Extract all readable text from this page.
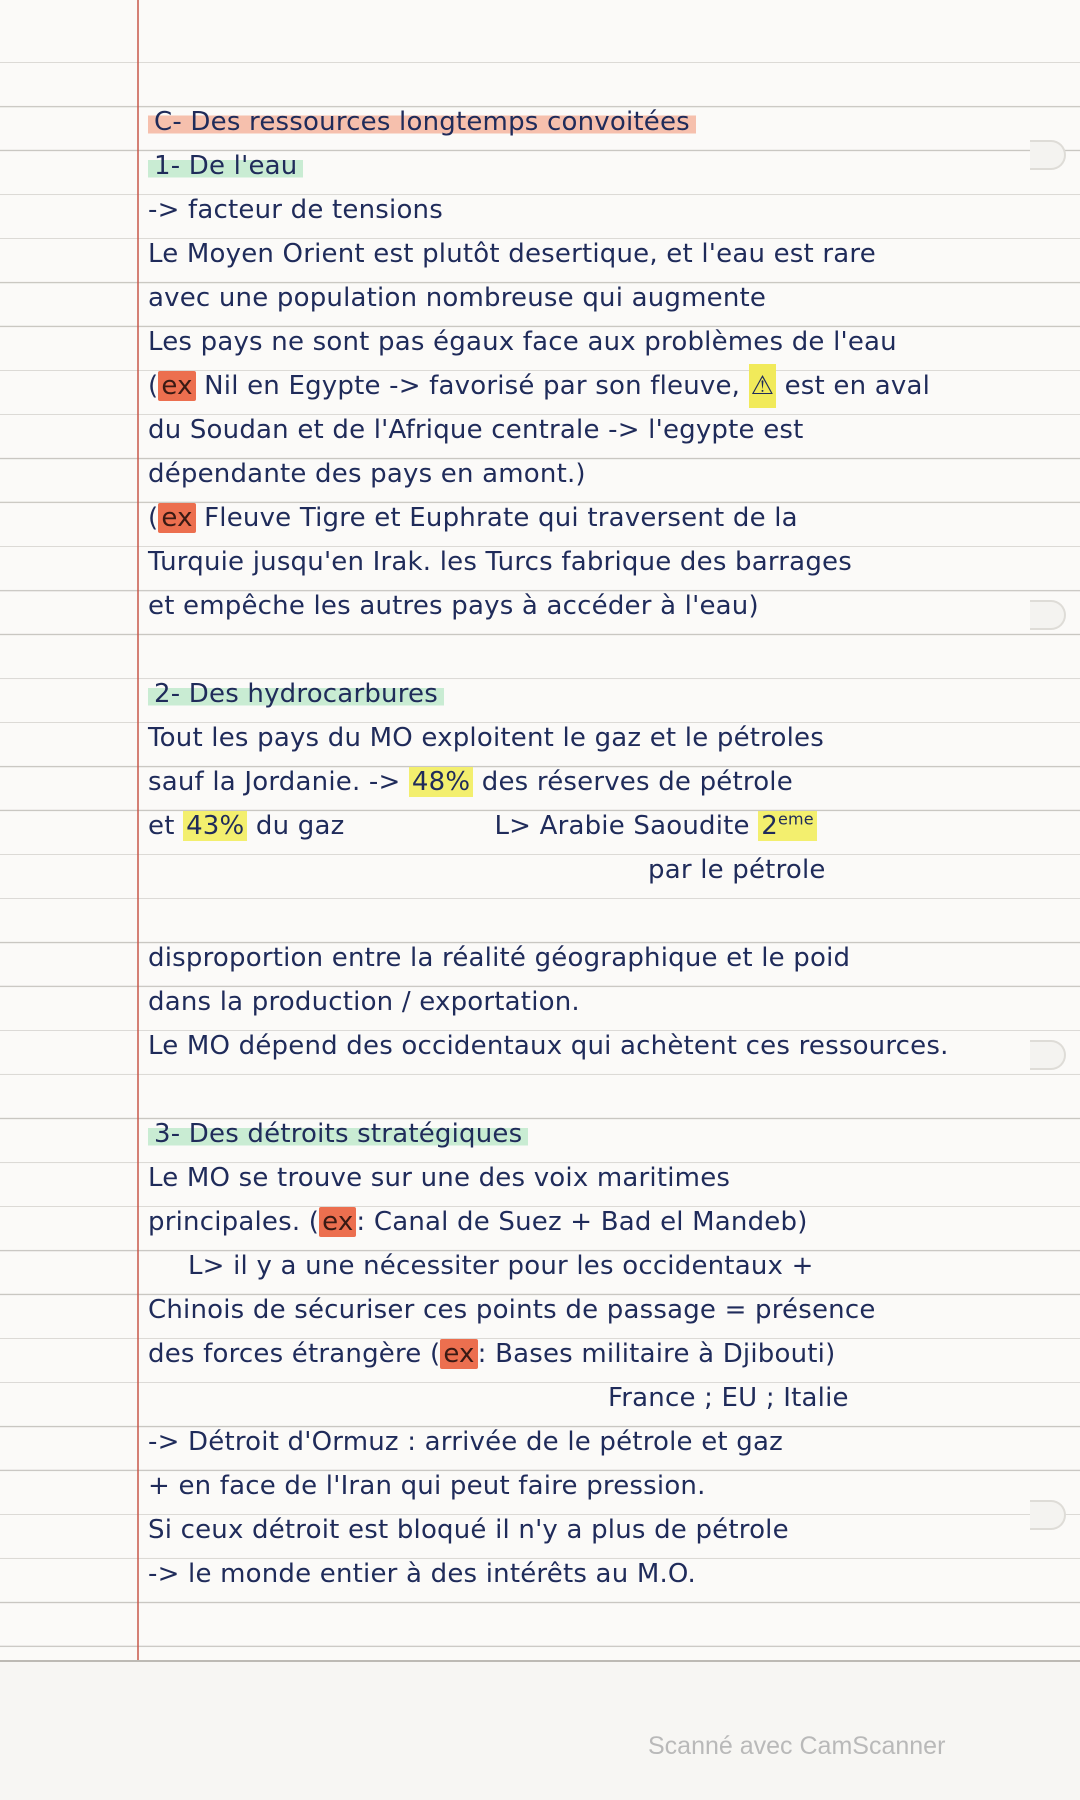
C- Des ressources longtemps convoitées
1- De l'eau
-> facteur de tensions
Le Moyen Orient est plutôt desertique, et l'eau est rare
avec une population nombreuse qui augmente
Les pays ne sont pas égaux face aux problèmes de l'eau
( ex Nil en Egypte -> favorisé par son fleuve, ⚠ est en aval
du Soudan et de l'Afrique centrale -> l'egypte est
dépendante des pays en amont.)
( ex Fleuve Tigre et Euphrate qui traversent de la
Turquie jusqu'en Irak. les Turcs fabrique des barrages
et empêche les autres pays à accéder à l'eau)
2- Des hydrocarbures
Tout les pays du MO exploitent le gaz et le pétroles
sauf la Jordanie. -> 48% des réserves de pétrole
et 43% du gaz	L> Arabie Saoudite 2eme
par le pétrole
disproportion entre la réalité géographique et le poid
dans la production / exportation.
Le MO dépend des occidentaux qui achètent ces ressources.
3- Des détroits stratégiques
Le MO se trouve sur une des voix maritimes
principales. ( ex : Canal de Suez + Bad el Mandeb)
L> il y a une nécessiter pour les occidentaux +
Chinois de sécuriser ces points de passage = présence
des forces étrangère ( ex : Bases militaire à Djibouti)
France ; EU ; Italie
-> Détroit d'Ormuz : arrivée de le pétrole et gaz
+ en face de l'Iran qui peut faire pression.
Si ceux détroit est bloqué il n'y a plus de pétrole
-> le monde entier à des intérêts au M.O.
Scanné avec CamScanner
